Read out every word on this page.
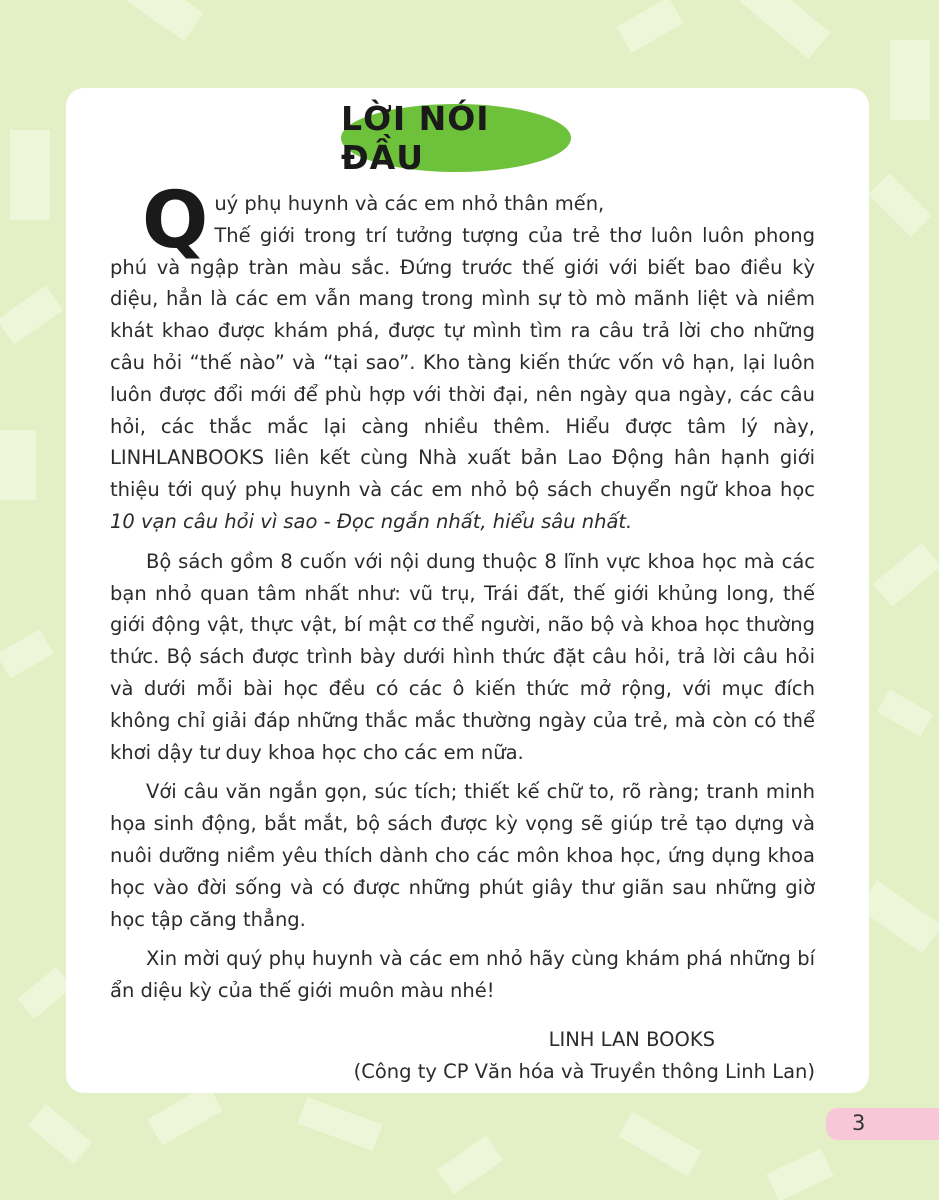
LỜI NÓI ĐẦU
Q uý phụ huynh và các em nhỏ thân mến,
Thế giới trong trí tưởng tượng của trẻ thơ luôn luôn phong phú và ngập tràn màu sắc. Đứng trước thế giới với biết bao điều kỳ diệu, hẳn là các em vẫn mang trong mình sự tò mò mãnh liệt và niềm khát khao được khám phá, được tự mình tìm ra câu trả lời cho những câu hỏi “thế nào” và “tại sao”. Kho tàng kiến thức vốn vô hạn, lại luôn luôn được đổi mới để phù hợp với thời đại, nên ngày qua ngày, các câu hỏi, các thắc mắc lại càng nhiều thêm. Hiểu được tâm lý này, LINHLANBOOKS liên kết cùng Nhà xuất bản Lao Động hân hạnh giới thiệu tới quý phụ huynh và các em nhỏ bộ sách chuyển ngữ khoa học 10 vạn câu hỏi vì sao - Đọc ngắn nhất, hiểu sâu nhất.

Bộ sách gồm 8 cuốn với nội dung thuộc 8 lĩnh vực khoa học mà các bạn nhỏ quan tâm nhất như: vũ trụ, Trái đất, thế giới khủng long, thế giới động vật, thực vật, bí mật cơ thể người, não bộ và khoa học thường thức. Bộ sách được trình bày dưới hình thức đặt câu hỏi, trả lời câu hỏi và dưới mỗi bài học đều có các ô kiến thức mở rộng, với mục đích không chỉ giải đáp những thắc mắc thường ngày của trẻ, mà còn có thể khơi dậy tư duy khoa học cho các em nữa.

Với câu văn ngắn gọn, súc tích; thiết kế chữ to, rõ ràng; tranh minh họa sinh động, bắt mắt, bộ sách được kỳ vọng sẽ giúp trẻ tạo dựng và nuôi dưỡng niềm yêu thích dành cho các môn khoa học, ứng dụng khoa học vào đời sống và có được những phút giây thư giãn sau những giờ học tập căng thẳng.

Xin mời quý phụ huynh và các em nhỏ hãy cùng khám phá những bí ẩn diệu kỳ của thế giới muôn màu nhé!

LINH LAN BOOKS
(Công ty CP Văn hóa và Truyền thông Linh Lan)
3
